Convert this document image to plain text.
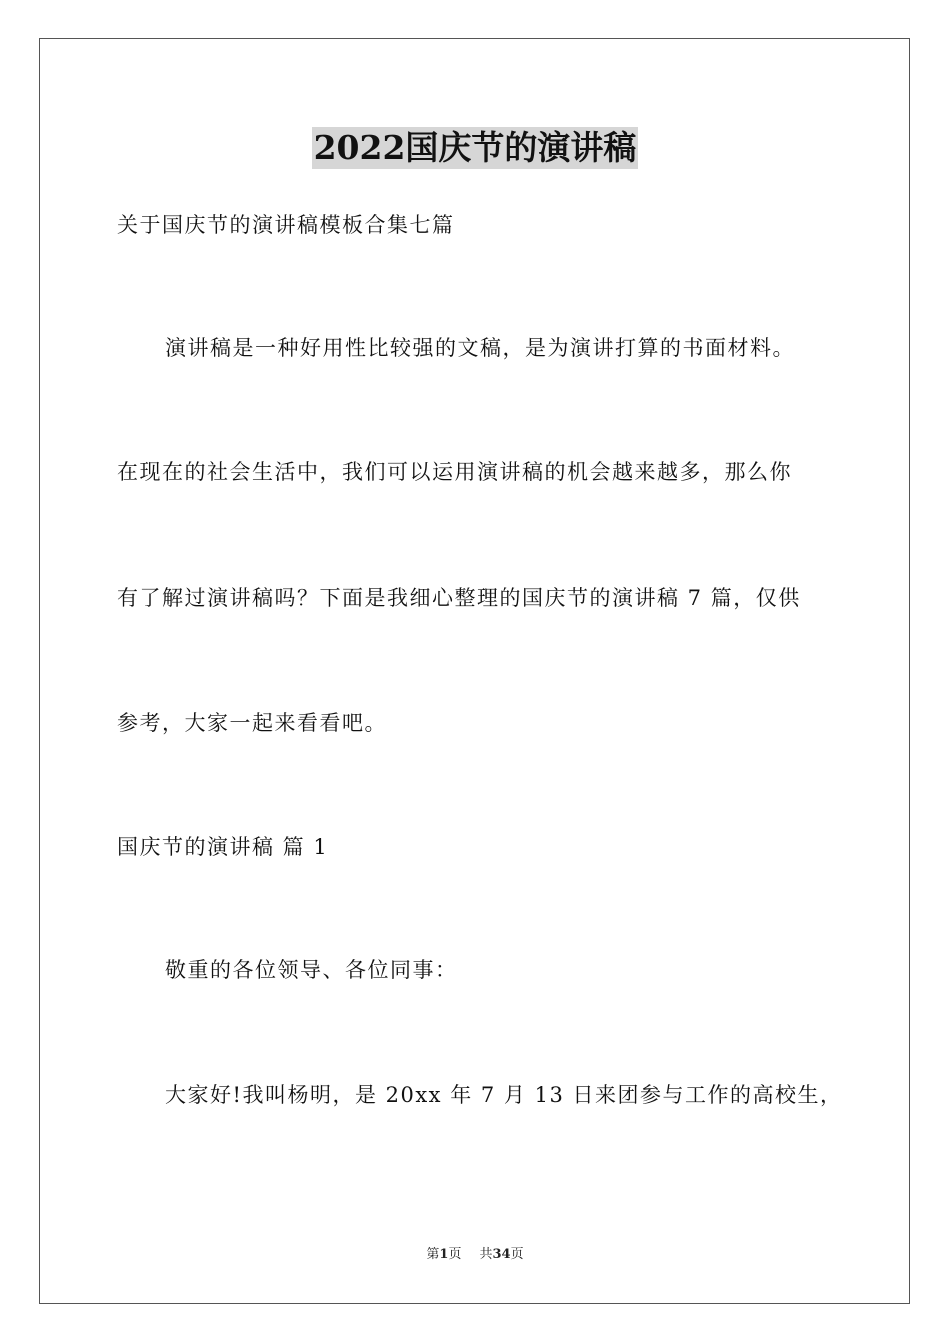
2022国庆节的演讲稿
关于国庆节的演讲稿模板合集七篇
演讲稿是一种好用性比较强的文稿，是为演讲打算的书面材料。
在现在的社会生活中，我们可以运用演讲稿的机会越来越多，那么你
有了解过演讲稿吗？下面是我细心整理的国庆节的演讲稿 7 篇，仅供
参考，大家一起来看看吧。
国庆节的演讲稿 篇 1
敬重的各位领导、各位同事：
大家好!我叫杨明，是 20xx 年 7 月 13 日来团参与工作的高校生，
第1页 共34页
